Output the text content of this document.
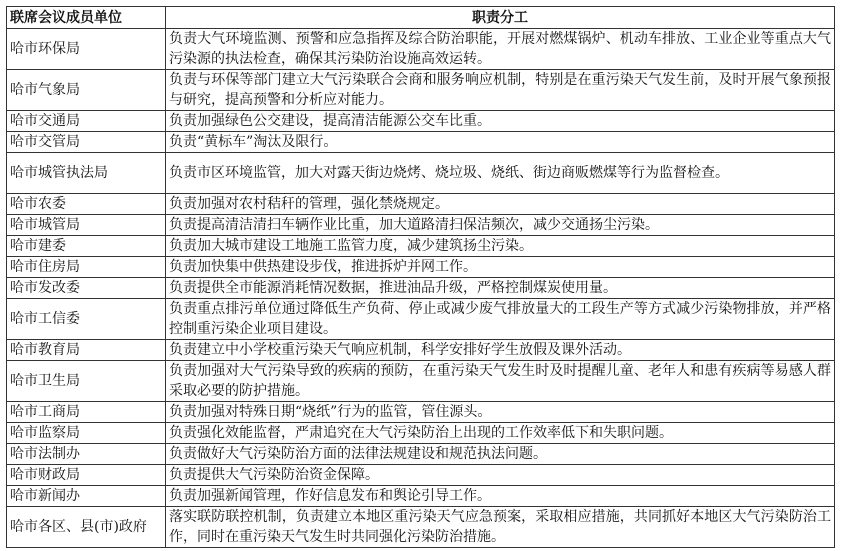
联席会议成员单位	职责分工
哈市环保局	负责大气环境监测、预警和应急指挥及综合防治职能，开展对燃煤锅炉、机动车排放、工业企业等重点大气污染源的执法检查，确保其污染防治设施高效运转。
哈市气象局	负责与环保等部门建立大气污染联合会商和服务响应机制，特别是在重污染天气发生前，及时开展气象预报与研究，提高预警和分析应对能力。
哈市交通局	负责加强绿色公交建设，提高清洁能源公交车比重。
哈市交管局	负责“黄标车”淘汰及限行。
哈市城管执法局	负责市区环境监管，加大对露天街边烧烤、烧垃圾、烧纸、街边商贩燃煤等行为监督检查。
哈市农委	负责加强对农村秸秆的管理，强化禁烧规定。
哈市城管局	负责提高清洁清扫车辆作业比重，加大道路清扫保洁频次，减少交通扬尘污染。
哈市建委	负责加大城市建设工地施工监管力度，减少建筑扬尘污染。
哈市住房局	负责加快集中供热建设步伐，推进拆炉并网工作。
哈市发改委	负责提供全市能源消耗情况数据，推进油品升级，严格控制煤炭使用量。
哈市工信委	负责重点排污单位通过降低生产负荷、停止或减少废气排放量大的工段生产等方式减少污染物排放，并严格控制重污染企业项目建设。
哈市教育局	负责建立中小学校重污染天气响应机制，科学安排好学生放假及课外活动。
哈市卫生局	负责加强对大气污染导致的疾病的预防，在重污染天气发生时及时提醒儿童、老年人和患有疾病等易感人群采取必要的防护措施。
哈市工商局	负责加强对特殊日期“烧纸”行为的监管，管住源头。
哈市监察局	负责强化效能监督，严肃追究在大气污染防治上出现的工作效率低下和失职问题。
哈市法制办	负责做好大气污染防治方面的法律法规建设和规范执法问题。
哈市财政局	负责提供大气污染防治资金保障。
哈市新闻办	负责加强新闻管理，作好信息发布和舆论引导工作。
哈市各区、县(市)政府	落实联防联控机制，负责建立本地区重污染天气应急预案，采取相应措施，共同抓好本地区大气污染防治工作，同时在重污染天气发生时共同强化污染防治措施。
